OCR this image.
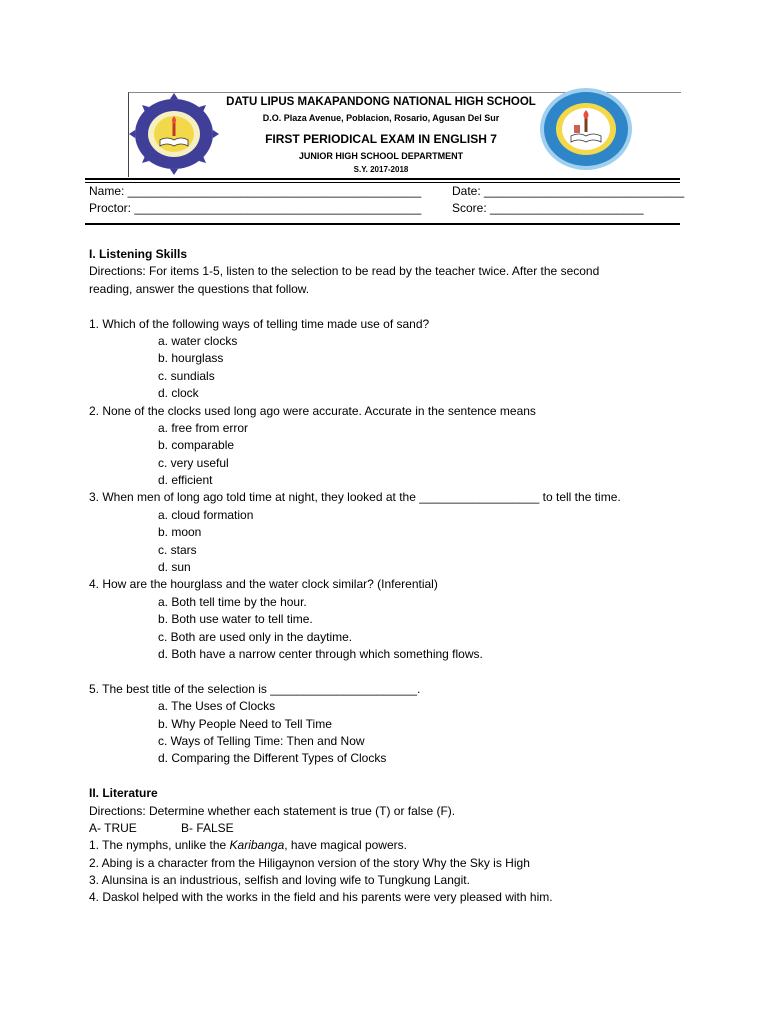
DATU LIPUS MAKAPANDONG NATIONAL HIGH SCHOOL
D.O. Plaza Avenue, Poblacion, Rosario, Agusan Del Sur
FIRST PERIODICAL EXAM IN ENGLISH 7
JUNIOR HIGH SCHOOL DEPARTMENT
S.Y. 2017-2018
Name: ____________________________________________	Date: ______________________________
Proctor: ___________________________________________	Score: _______________________
I. Listening Skills
Directions: For items 1-5, listen to the selection to be read by the teacher twice. After the second
reading, answer the questions that follow.
1. Which of the following ways of telling time made use of sand?
a. water clocks
b. hourglass
c. sundials
d. clock
2. None of the clocks used long ago were accurate. Accurate in the sentence means
a. free from error
b. comparable
c. very useful
d. efficient
3. When men of long ago told time at night, they looked at the __________________ to tell the time.
a. cloud formation
b. moon
c. stars
d. sun
4. How are the hourglass and the water clock similar? (Inferential)
a. Both tell time by the hour.
b. Both use water to tell time.
c. Both are used only in the daytime.
d. Both have a narrow center through which something flows.
5. The best title of the selection is ______________________.
a. The Uses of Clocks
b. Why People Need to Tell Time
c. Ways of Telling Time: Then and Now
d. Comparing the Different Types of Clocks
II. Literature
Directions: Determine whether each statement is true (T) or false (F).
A- TRUE	B- FALSE
1. The nymphs, unlike the Karibanga, have magical powers.
2. Abing is a character from the Hiligaynon version of the story Why the Sky is High
3. Alunsina is an industrious, selfish and loving wife to Tungkung Langit.
4. Daskol helped with the works in the field and his parents were very pleased with him.
